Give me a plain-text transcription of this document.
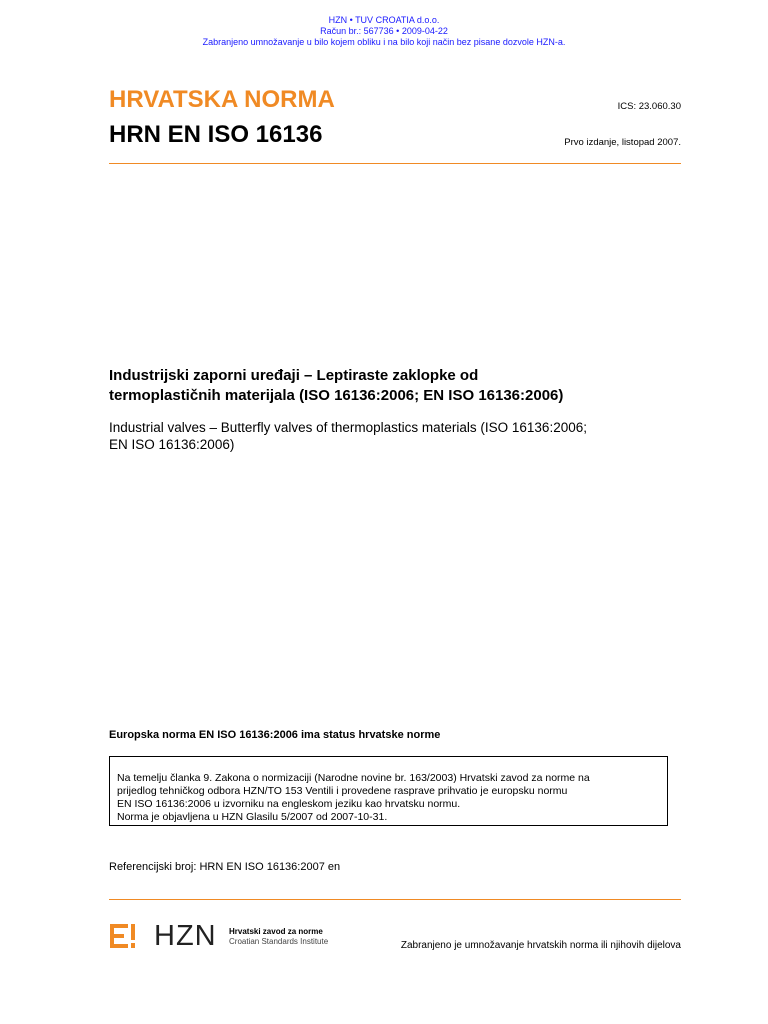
HZN • TUV CROATIA d.o.o.
Račun br.: 567736 • 2009-04-22
Zabranjeno umnožavanje u bilo kojem obliku i na bilo koji način bez pisane dozvole HZN-a.
HRVATSKA NORMA
HRN EN ISO 16136
ICS: 23.060.30
Prvo izdanje, listopad 2007.
Industrijski zaporni uređaji – Leptiraste zaklopke od
termoplastičnih materijala (ISO 16136:2006; EN ISO 16136:2006)
Industrial valves – Butterfly valves of thermoplastics materials (ISO 16136:2006;
EN ISO 16136:2006)
Europska norma EN ISO 16136:2006 ima status hrvatske norme
Na temelju članka 9. Zakona o normizaciji (Narodne novine br. 163/2003) Hrvatski zavod za norme na
prijedlog tehničkog odbora HZN/TO 153 Ventili i provedene rasprave prihvatio je europsku normu
EN ISO 16136:2006 u izvorniku na engleskom jeziku kao hrvatsku normu.
Norma je objavljena u HZN Glasilu 5/2007 od 2007-10-31.
Referencijski broj: HRN EN ISO 16136:2007 en
HZN Hrvatski zavod za norme
Croatian Standards Institute	Zabranjeno je umnožavanje hrvatskih norma ili njihovih dijelova
